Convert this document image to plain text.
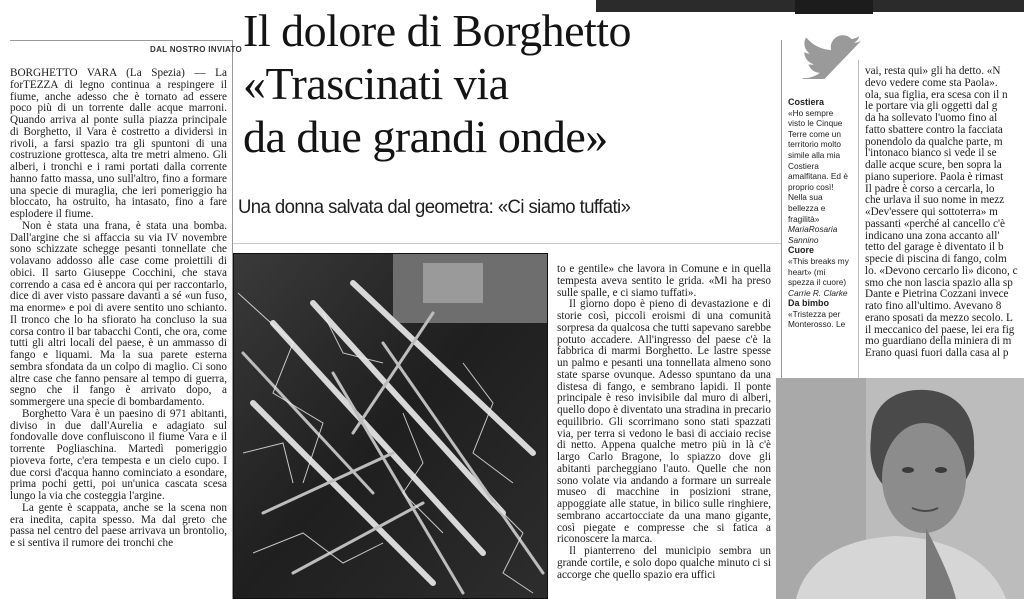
DAL NOSTRO INVIATO

BORGHETTO VARA (La Spezia) — La forTEZZA di legno continua a respingere il fiume, anche adesso che è tornato ad essere poco più di un torrente dalle acque marroni. Quando arriva al ponte sulla piazza principale di Borghetto, il Vara è costretto a dividersi in rivoli, a farsi spazio tra gli spuntoni di una costruzione grottesca, alta tre metri almeno. Gli alberi, i tronchi e i rami portati dalla corrente hanno fatto massa, uno sull'altro, fino a formare una specie di muraglia, che ieri pomeriggio ha bloccato, ha ostruito, ha intasato, fino a fare esplodere il fiume.

Non è stata una frana, è stata una bomba. Dall'argine che si affaccia su via IV novembre sono schizzate schegge pesanti tonnellate che volavano addosso alle case come proiettili di obici. Il sarto Giuseppe Cocchini, che stava correndo a casa ed è ancora qui per raccontarlo, dice di aver visto passare davanti a sé «un fuso, ma enorme» e poi di avere sentito uno schianto. Il tronco che lo ha sfiorato ha concluso la sua corsa contro il bar tabacchi Conti, che ora, come tutti gli altri locali del paese, è un ammasso di fango e liquami. Ma la sua parete esterna sembra sfondata da un colpo di maglio. Ci sono altre case che fanno pensare al tempo di guerra, segno che il fango è arrivato dopo, a sommergere una specie di bombardamento.

Borghetto Vara è un paesino di 971 abitanti, diviso in due dall'Aurelia e adagiato sul fondovalle dove confluiscono il fiume Vara e il torrente Pogliaschina. Martedì pomeriggio pioveva forte, c'era tempesta e un cielo cupo. I due corsi d'acqua hanno cominciato a esondare, prima pochi getti, poi un'unica cascata scesa lungo la via che costeggia l'argine.

La gente è scappata, anche se la scena non era inedita, capita spesso. Ma dal greto che passa nel centro del paese arrivava un brontolio, e si sentiva il rumore dei tronchi che

Il dolore di Borghetto
«Trascinati via
da due grandi onde»
Una donna salvata dal geometra: «Ci siamo tuffati»

to e gentile» che lavora in Comune e in quella tempesta aveva sentito le grida. «Mi ha preso sulle spalle, e ci siamo tuffati».

Il giorno dopo è pieno di devastazione e di storie così, piccoli eroismi di una comunità sorpresa da qualcosa che tutti sapevano sarebbe potuto accadere. All'ingresso del paese c'è la fabbrica di marmi Borghetto. Le lastre spesse un palmo e pesanti una tonnellata almeno sono state sparse ovunque. Adesso spuntano da una distesa di fango, e sembrano lapidi. Il ponte principale è reso invisibile dal muro di alberi, quello dopo è diventato una stradina in precario equilibrio. Gli scorrimano sono stati spazzati via, per terra si vedono le basi di acciaio recise di netto. Appena qualche metro più in là c'è largo Carlo Bragone, lo spiazzo dove gli abitanti parcheggiano l'auto. Quelle che non sono volate via andando a formare un surreale museo di macchine in posizioni strane, appoggiate alle statue, in bilico sulle ringhiere, sembrano accartocciate da una mano gigante, così piegate e compresse che si fatica a riconoscere la marca.

Il pianterreno del municipio sembra un grande cortile, e solo dopo qualche minuto ci si accorge che quello spazio era uffici

Costiera
«Ho sempre visto le Cinque Terre come un territorio molto simile alla mia Costiera amalfitana. Ed è proprio così! Nella sua bellezza e fragilità»
MariaRosaria Sannino
Cuore
«This breaks my heart» (mi spezza il cuore)
Carrie R. Clarke
Da bimbo
«Tristezza per Monterosso. Le
vai, resta qui» gli ha detto. «N
devo vedere come sta Paola».
ola, sua figlia, era scesa con il n
le portare via gli oggetti dal g
da ha sollevato l'uomo fino al
fatto sbattere contro la facciata
ponendolo da qualche parte, m
l'intonaco bianco si vede il se
dalle acque scure, ben sopra la
piano superiore. Paola è rimast
Il padre è corso a cercarla, lo
che urlava il suo nome in mezz
«Dev'essere qui sottoterra» m
passanti «perché al cancello c'è
indicano una zona accanto all'
tetto del garage è diventato il b
specie di piscina di fango, colm
lo. «Devono cercarlo lì» dicono, c
smo che non lascia spazio alla sp
Dante e Pietrina Cozzani invece
rato fino all'ultimo. Avevano 8
erano sposati da mezzo secolo. L
il meccanico del paese, lei era fig
mo guardiano della miniera di m
Erano quasi fuori dalla casa al p
